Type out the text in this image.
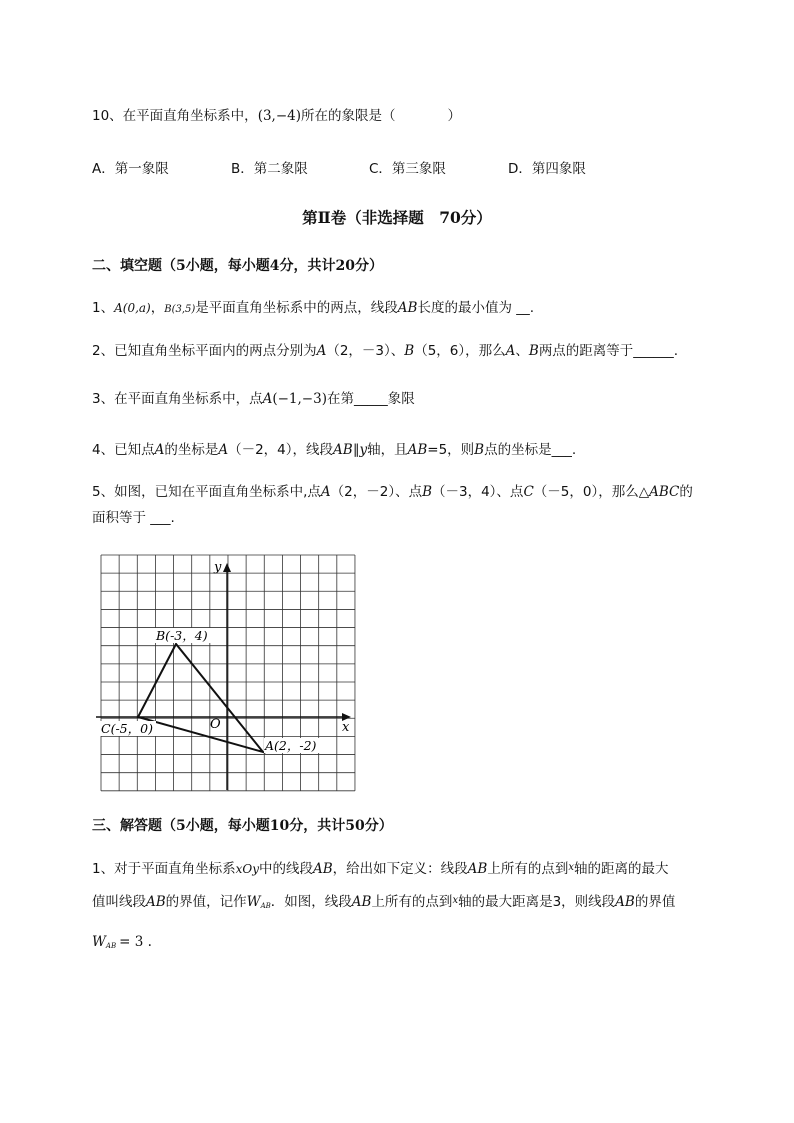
10、在平面直角坐标系中，(3,−4)所在的象限是（	）
A．第一象限	B．第二象限	C．第三象限	D．第四象限
第Ⅱ卷（非选择题　70分）
二、填空题（5小题，每小题4分，共计20分）
1、A(0,a)，B(3,5)是平面直角坐标系中的两点，线段AB长度的最小值为 __.
2、已知直角坐标平面内的两点分别为A（2，－3）、B（5，6），那么A、B两点的距离等于______.
3、在平面直角坐标系中，点A(−1,−3)在第_____象限
4、已知点A的坐标是A（－2，4），线段AB∥y轴，且AB=5，则B点的坐标是___.
5、如图，已知在平面直角坐标系中,点A（2，－2）、点B（－3，4）、点C（－5，0），那么△ABC的
面积等于 ___.
y
x
O
B(-3，4)
C(-5，0)
A(2，-2)
三、解答题（5小题，每小题10分，共计50分）
1、对于平面直角坐标系xOy中的线段AB，给出如下定义：线段AB上所有的点到$^x$轴的距离的最大
值叫线段AB的界值，记作$W_{AB}$．如图，线段AB上所有的点到$^x$轴的最大距离是3，则线段AB的界值
$W_{AB} = 3$ .
